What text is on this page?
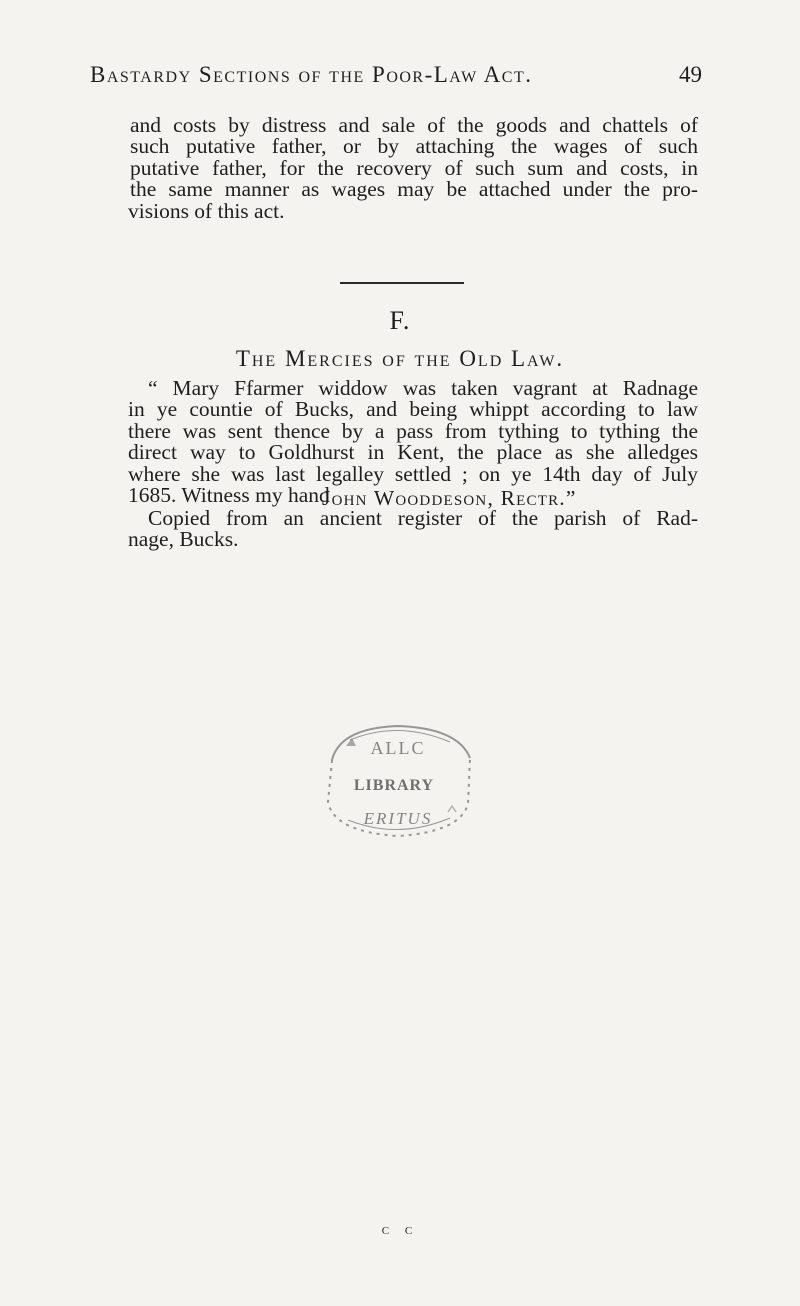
Bastardy Sections of the Poor-Law Act.	49

and costs by distress and sale of the goods and chattels of
such putative father, or by attaching the wages of such
putative father, for the recovery of such sum and costs, in
the same manner as wages may be attached under the pro-
visions of this act.

F.
The Mercies of the Old Law.

“ Mary Ffarmer widdow was taken vagrant at Radnage
in ye countie of Bucks, and being whippt according to law
there was sent thence by a pass from tything to tything the
direct way to Goldhurst in Kent, the place as she alledges
where she was last legalley settled ; on ye 14th day of July
1685. Witness my hand

John Wooddeson, Rectr.”

Copied from an ancient register of the parish of Rad-
nage, Bucks.

ALLC
LIBRARY
ERITUS
c c
